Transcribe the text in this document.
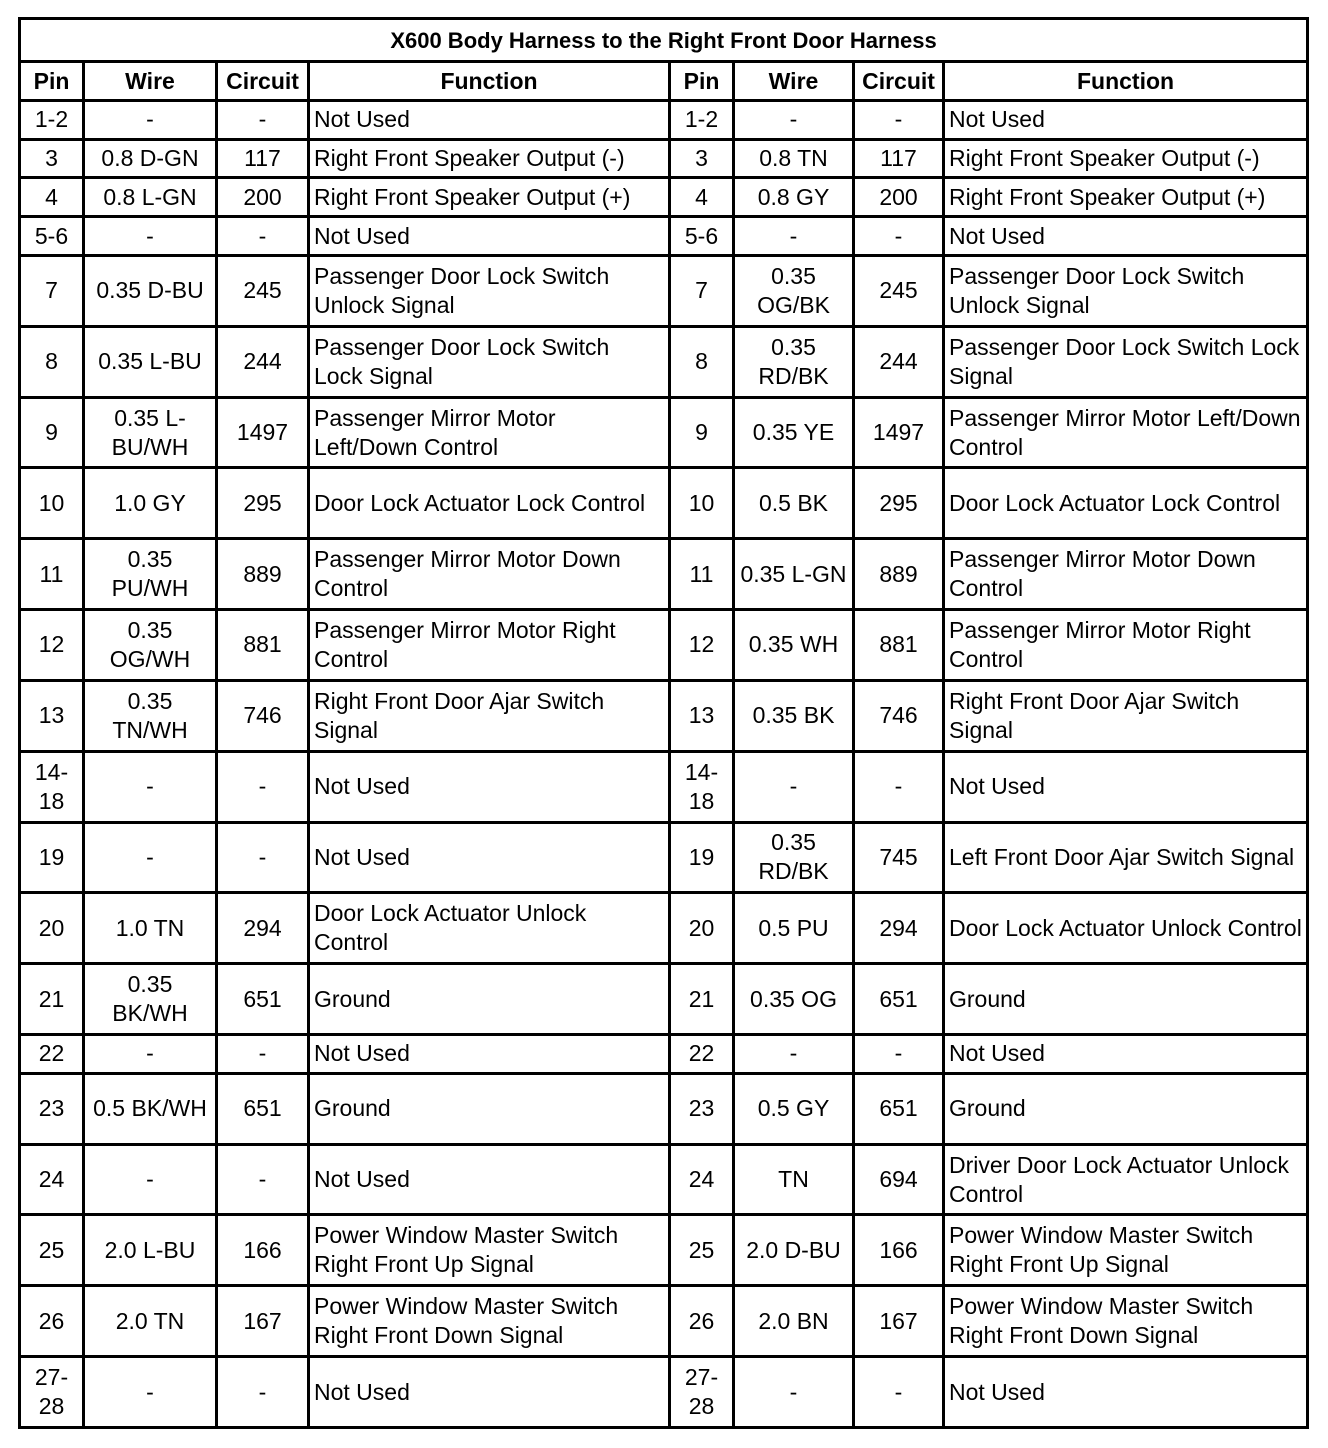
X600 Body Harness to the Right Front Door Harness							
Pin	Wire	Circuit	Function	Pin	Wire	Circuit	Function
1-2	-	-	Not Used	1-2	-	-	Not Used
3	0.8 D-GN	117	Right Front Speaker Output (-)	3	0.8 TN	117	Right Front Speaker Output (-)
4	0.8 L-GN	200	Right Front Speaker Output (+)	4	0.8 GY	200	Right Front Speaker Output (+)
5-6	-	-	Not Used	5-6	-	-	Not Used
7	0.35 D-BU	245	Passenger Door Lock Switch Unlock Signal	7	0.35 OG/BK	245	Passenger Door Lock Switch Unlock Signal
8	0.35 L-BU	244	Passenger Door Lock Switch Lock Signal	8	0.35 RD/BK	244	Passenger Door Lock Switch Lock Signal
9	0.35 L-BU/WH	1497	Passenger Mirror Motor Left/Down Control	9	0.35 YE	1497	Passenger Mirror Motor Left/Down Control
10	1.0 GY	295	Door Lock Actuator Lock Control	10	0.5 BK	295	Door Lock Actuator Lock Control
11	0.35 PU/WH	889	Passenger Mirror Motor Down Control	11	0.35 L-GN	889	Passenger Mirror Motor Down Control
12	0.35 OG/WH	881	Passenger Mirror Motor Right Control	12	0.35 WH	881	Passenger Mirror Motor Right Control
13	0.35 TN/WH	746	Right Front Door Ajar Switch Signal	13	0.35 BK	746	Right Front Door Ajar Switch Signal
14-18	-	-	Not Used	14-18	-	-	Not Used
19	-	-	Not Used	19	0.35 RD/BK	745	Left Front Door Ajar Switch Signal
20	1.0 TN	294	Door Lock Actuator Unlock Control	20	0.5 PU	294	Door Lock Actuator Unlock Control
21	0.35 BK/WH	651	Ground	21	0.35 OG	651	Ground
22	-	-	Not Used	22	-	-	Not Used
23	0.5 BK/WH	651	Ground	23	0.5 GY	651	Ground
24	-	-	Not Used	24	TN	694	Driver Door Lock Actuator Unlock Control
25	2.0 L-BU	166	Power Window Master Switch Right Front Up Signal	25	2.0 D-BU	166	Power Window Master Switch Right Front Up Signal
26	2.0 TN	167	Power Window Master Switch Right Front Down Signal	26	2.0 BN	167	Power Window Master Switch Right Front Down Signal
27-28	-	-	Not Used	27-28	-	-	Not Used
